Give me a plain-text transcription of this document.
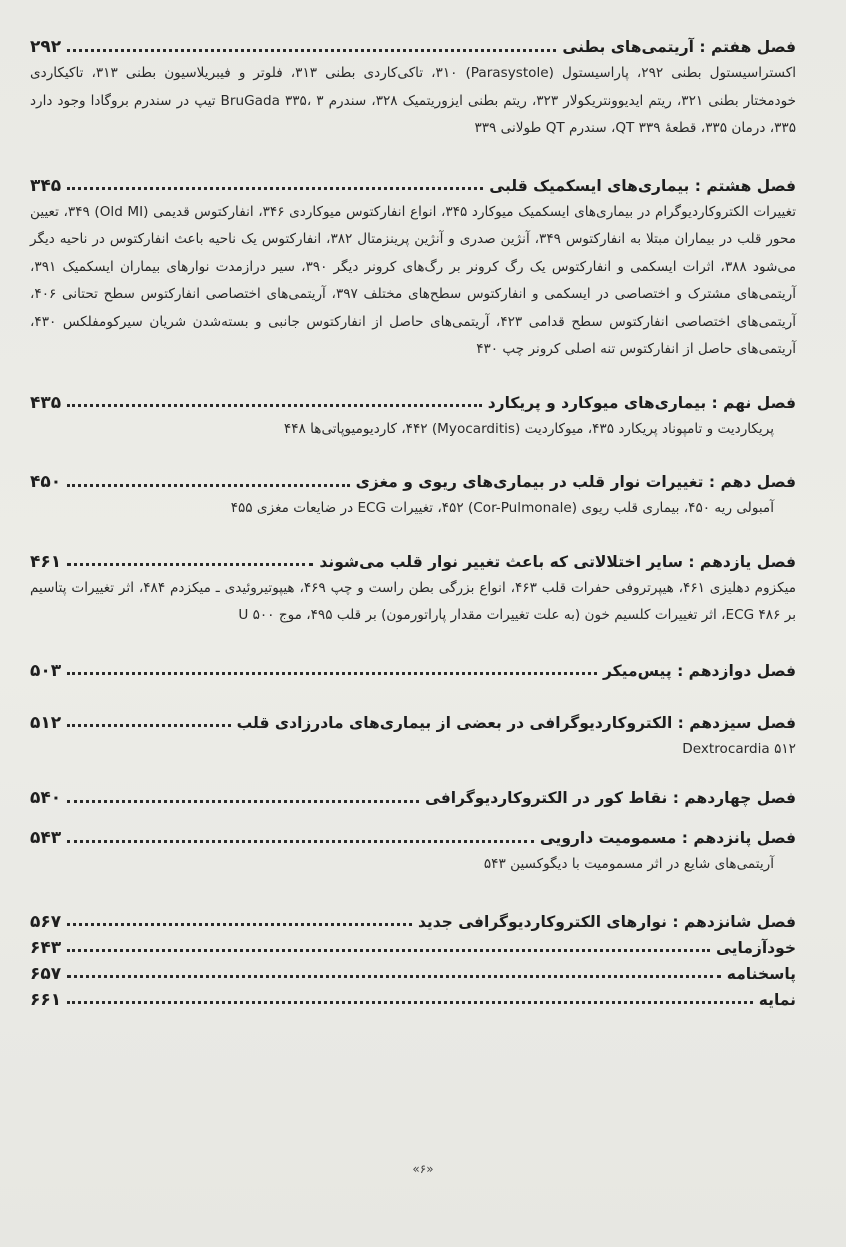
فصل هفتم : آریتمی‌های بطنی
۲۹۲
اکستراسیستول بطنی ۲۹۲، پاراسیستول (Parasystole) ۳۱۰، تاکی‌کاردی بطنی ۳۱۳، فلوتر و فیبریلاسیون بطنی ۳۱۳، تاکیکاردی خودمختار بطنی ۳۲۱، ریتم ایدیوونتریکولار ۳۲۳، ریتم بطنی ایزوریتمیک ۳۲۸، سندرم BruGada ۳۳۵، ۳ تیپ در سندرم بروگادا وجود دارد ۳۳۵، درمان ۳۳۵، قطعهٔ QT ۳۳۹، سندرم QT طولانی ۳۳۹
فصل هشتم : بیماری‌های ایسکمیک قلبی
۳۴۵
تغییرات الکتروکاردیوگرام در بیماری‌های ایسکمیک میوکارد ۳۴۵، انواع انفارکتوس میوکاردی ۳۴۶، انفارکتوس قدیمی (Old MI) ۳۴۹، تعیین محور قلب در بیماران مبتلا به انفارکتوس ۳۴۹، آنژین صدری و آنژین پرینزمتال ۳۸۲، انفارکتوس یک ناحیه باعث انفارکتوس در ناحیه دیگر می‌شود ۳۸۸، اثرات ایسکمی و انفارکتوس یک رگ کرونر بر رگ‌های کرونر دیگر ۳۹۰، سیر درازمدت نوارهای بیماران ایسکمیک ۳۹۱، آریتمی‌های مشترک و اختصاصی در ایسکمی و انفارکتوس سطح‌های مختلف ۳۹۷، آریتمی‌های اختصاصی انفارکتوس سطح تحتانی ۴۰۶، آریتمی‌های اختصاصی انفارکتوس سطح قدامی ۴۲۳، آریتمی‌های حاصل از انفارکتوس جانبی و بسته‌شدن شریان سیرکومفلکس ۴۳۰، آریتمی‌های حاصل از انفارکتوس تنه اصلی کرونر چپ ۴۳۰
فصل نهم : بیماری‌های میوکارد و پریکارد
۴۳۵
پریکاردیت و تامپوناد پریکارد ۴۳۵، میوکاردیت (Myocarditis) ۴۴۲، کاردیومیوپاتی‌ها ۴۴۸
فصل دهم : تغییرات نوار قلب در بیماری‌های ریوی و مغزی
۴۵۰
آمبولی ریه ۴۵۰، بیماری قلب ریوی (Cor-Pulmonale) ۴۵۲، تغییرات ECG در ضایعات مغزی ۴۵۵
فصل یازدهم : سایر اختلالاتی که باعث تغییر نوار قلب می‌شوند
۴۶۱
میکزوم دهلیزی ۴۶۱، هیپرتروفی حفرات قلب ۴۶۳، انواع بزرگی بطن راست و چپ ۴۶۹، هیپوتیروئیدی ـ میکزدم ۴۸۴، اثر تغییرات پتاسیم بر ECG ۴۸۶، اثر تغییرات کلسیم خون (به علت تغییرات مقدار پاراتورمون) بر قلب ۴۹۵، موج U ۵۰۰
فصل دوازدهم : پیس‌میکر
۵۰۳
فصل سیزدهم : الکتروکاردیوگرافی در بعضی از بیماری‌های مادرزادی قلب
۵۱۲
Dextrocardia ۵۱۲
فصل چهاردهم : نقاط کور در الکتروکاردیوگرافی
۵۴۰
فصل پانزدهم : مسمومیت دارویی
۵۴۳
آریتمی‌های شایع در اثر مسمومیت با دیگوکسین ۵۴۳
فصل شانزدهم : نوارهای الکتروکاردیوگرافی جدید
۵۶۷
خودآزمایی
۶۴۳
پاسخنامه
۶۵۷
نمایه
۶۶۱
«۶»
